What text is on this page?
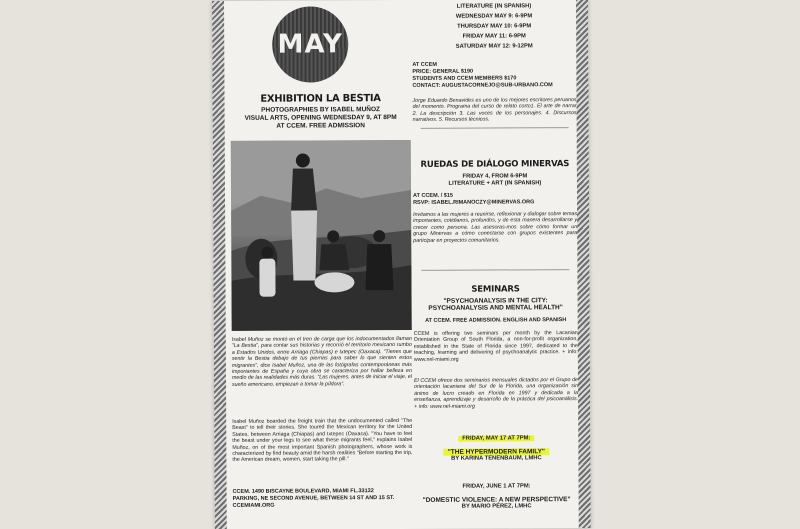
MAY
EXHIBITION LA BESTIA
PHOTOGRAPHIES BY ISABEL MUÑOZ
VISUAL ARTS, OPENING WEDNESDAY 9, AT 8PM
AT CCEM. FREE ADMISSION
Isabel Muñoz se montó en el tren de carga que los indocumentados llaman "La Bestia", para contar sus historias y recorrió el territorio mexicano rumbo a Estados Unidos, entre Arriaga (Chiapas) e Ixtepec (Oaxaca). "Tienes que sentir la Bestia debajo de tus piernas para saber lo que sienten estos migrantes", dice Isabel Muñoz, una de las fotógrafas contemporáneas más importantes de España y cuya obra se caracteriza por hallar belleza en medio de las realidades más duras. "Las mujeres, antes de iniciar el viaje, el sueño americano, empiezan a tomar la píldora".
Isabel Muñoz boarded the freight train that the undocumented called "The Beast" to tell their stories. She toured the Mexican territory for the United States, between Arriaga (Chiapas) and Ixtepec (Oaxaca). "You have to feel the beast under your legs to see what these migrants feel," explains Isabel Muñoz, on of the most important Spanish photographers, whose work is characterized by find beauty amid the harsh realities "Before starting the trip, the American dream, women, start taking the pill."
CCEM. 1490 BISCAYNE BOULEVARD, MIAMI FL.33132
PARKING, NE SECOND AVENUE, BETWEEN 14 ST AND 15 ST.
CCEMIAMI.ORG
LITERATURE (IN SPANISH)
WEDNESDAY MAY 9: 6-9PM
THURSDAY MAY 10: 6-9PM
FRIDAY MAY 11: 6-9PM
SATURDAY MAY 12: 9-12PM
AT CCEM
PRICE: GENERAL $190
STUDENTS AND CCEM MEMBERS $170
CONTACT: AUGUSTACORNEJO@SUB-URBANO.COM
Jorge Eduardo Benavides es uno de los mejores escritores peruanos del momento. Programa del curso de relato corto1. El arte de narrar 2. La descripción 3. Las voces de los personajes. 4. Discursos narrativos. 5. Recursos técnicos.
RUEDAS DE DIÁLOGO MINERVAS
FRIDAY 4, FROM 6-9PM
LITERATURE + ART (IN SPANISH)
AT CCEM. / $15
RSVP: ISABEL.RIMANOCZY@MINERVAS.ORG
Invitamos a las mujeres a reunirse, reflexionar y dialogar sobre temas importantes, cotidianos, profundos, y de esta manera desarrollarse y crecer como persona. Las asesoras-mos sobre cómo formar un grupo Minervas a cómo conectarse con grupos existentes para participar en proyectos comunitarios.
SEMINARS
"PSYCHOANALYSIS IN THE CITY: PSYCHOANALYSIS AND MENTAL HEALTH"
AT CCEM. FREE ADMISSION. ENGLISH AND SPANISH
CCEM is offering two seminars per month by the Lacanian Orientation Group of South Florida, a non-for-profit organization, established in the State of Florida since 1997, dedicated to the teaching, learning and delivering of psychoanalytic practice. + info: www.nel-miami.org
El CCEM ofrece dos seminarios mensuales dictados por el Grupo de orientación lacaniana del Sur de la Florida, una organización sin ánimo de lucro creado en Florida en 1997 y dedicada a la enseñanza, aprendizaje y desarrollo de la práctica del psicoanálisis. + info: www.nel-miami.org
FRIDAY, MAY 17 AT 7PM:
"THE HYPERMODERN FAMILY"
BY KARINA TENENBAUM, LMHC
FRIDAY, JUNE 1 AT 7PM:
"DOMESTIC VIOLENCE: A NEW PERSPECTIVE"
BY MARIO PÉREZ, LMHC
